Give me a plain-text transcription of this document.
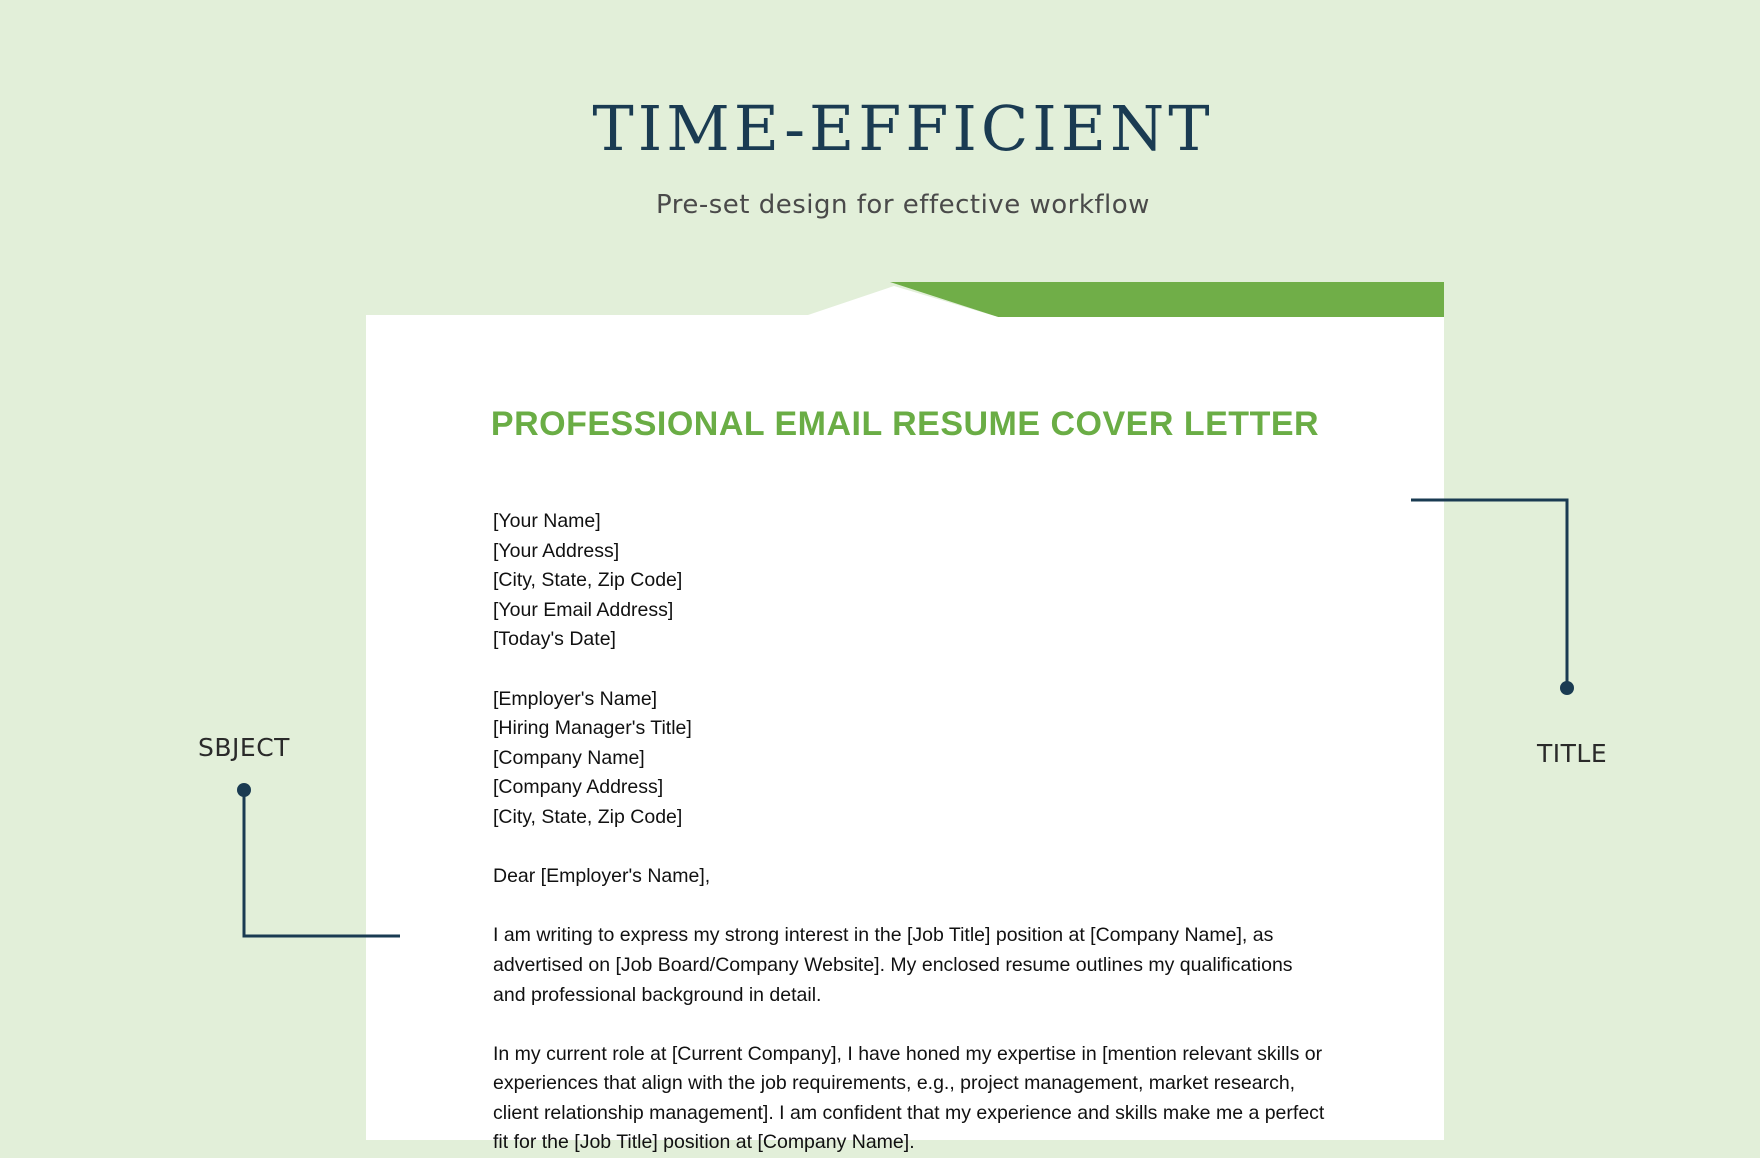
TIME-EFFICIENT
Pre-set design for effective workflow
PROFESSIONAL EMAIL RESUME COVER LETTER
[Your Name]
[Your Address]
[City, State, Zip Code]
[Your Email Address]
[Today's Date]
[Employer's Name]
[Hiring Manager's Title]
[Company Name]
[Company Address]
[City, State, Zip Code]
Dear [Employer's Name],

I am writing to express my strong interest in the [Job Title] position at [Company Name], as advertised on [Job Board/Company Website]. My enclosed resume outlines my qualifications and professional background in detail.

In my current role at [Current Company], I have honed my expertise in [mention relevant skills or experiences that align with the job requirements, e.g., project management, market research, client relationship management]. I am confident that my experience and skills make me a perfect fit for the [Job Title] position at [Company Name].

SBJECT	TITLE
